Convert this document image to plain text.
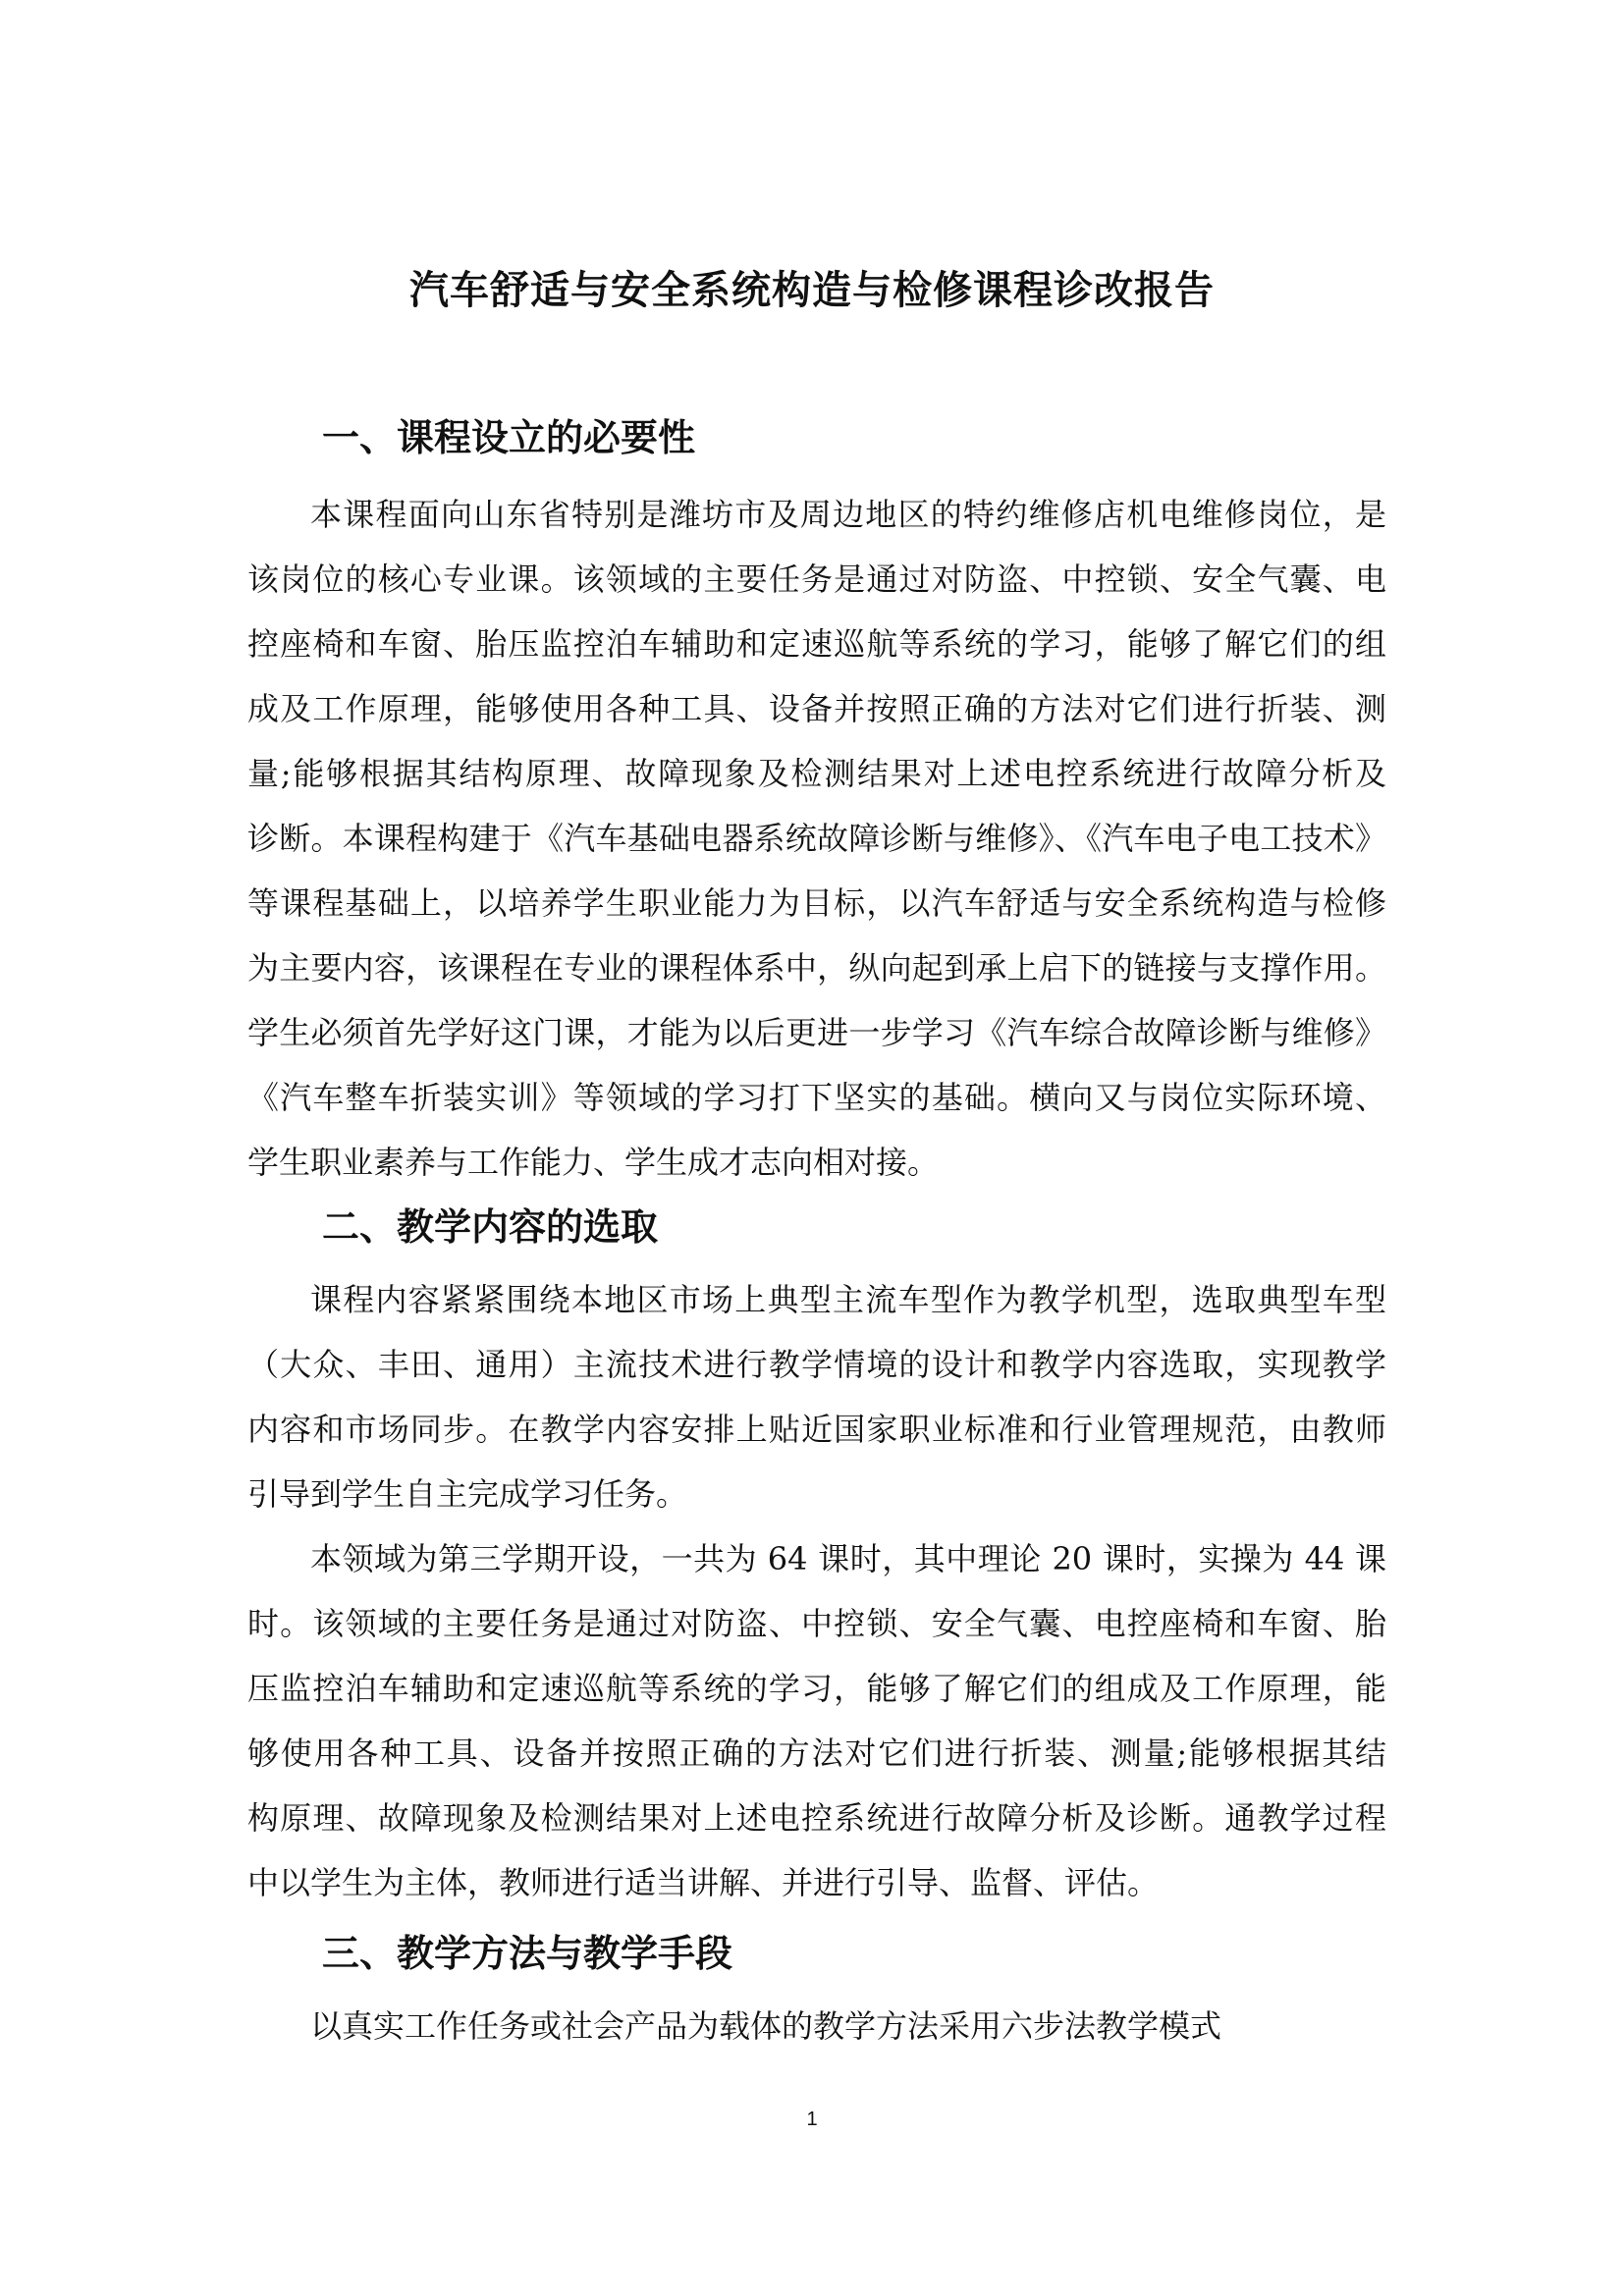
汽车舒适与安全系统构造与检修课程诊改报告
一、课程设立的必要性
本课程面向山东省特别是潍坊市及周边地区的特约维修店机电维修岗位，是
该岗位的核心专业课。该领域的主要任务是通过对防盗、中控锁、安全气囊、电
控座椅和车窗、胎压监控泊车辅助和定速巡航等系统的学习，能够了解它们的组
成及工作原理，能够使用各种工具、设备并按照正确的方法对它们进行折装、测
量;能够根据其结构原理、故障现象及检测结果对上述电控系统进行故障分析及
诊断。本课程构建于《汽车基础电器系统故障诊断与维修》、《汽车电子电工技术》
等课程基础上，以培养学生职业能力为目标，以汽车舒适与安全系统构造与检修
为主要内容，该课程在专业的课程体系中，纵向起到承上启下的链接与支撑作用。
学生必须首先学好这门课，才能为以后更进一步学习《汽车综合故障诊断与维修》
《汽车整车折装实训》等领域的学习打下坚实的基础。横向又与岗位实际环境、
学生职业素养与工作能力、学生成才志向相对接。
二、教学内容的选取
课程内容紧紧围绕本地区市场上典型主流车型作为教学机型，选取典型车型
（大众、丰田、通用）主流技术进行教学情境的设计和教学内容选取，实现教学
内容和市场同步。在教学内容安排上贴近国家职业标准和行业管理规范，由教师
引导到学生自主完成学习任务。
本领域为第三学期开设，一共为 64 课时，其中理论 20 课时，实操为 44 课
时。该领域的主要任务是通过对防盗、中控锁、安全气囊、电控座椅和车窗、胎
压监控泊车辅助和定速巡航等系统的学习，能够了解它们的组成及工作原理，能
够使用各种工具、设备并按照正确的方法对它们进行折装、测量;能够根据其结
构原理、故障现象及检测结果对上述电控系统进行故障分析及诊断。通教学过程
中以学生为主体，教师进行适当讲解、并进行引导、监督、评估。
三、教学方法与教学手段
以真实工作任务或社会产品为载体的教学方法采用六步法教学模式
1
